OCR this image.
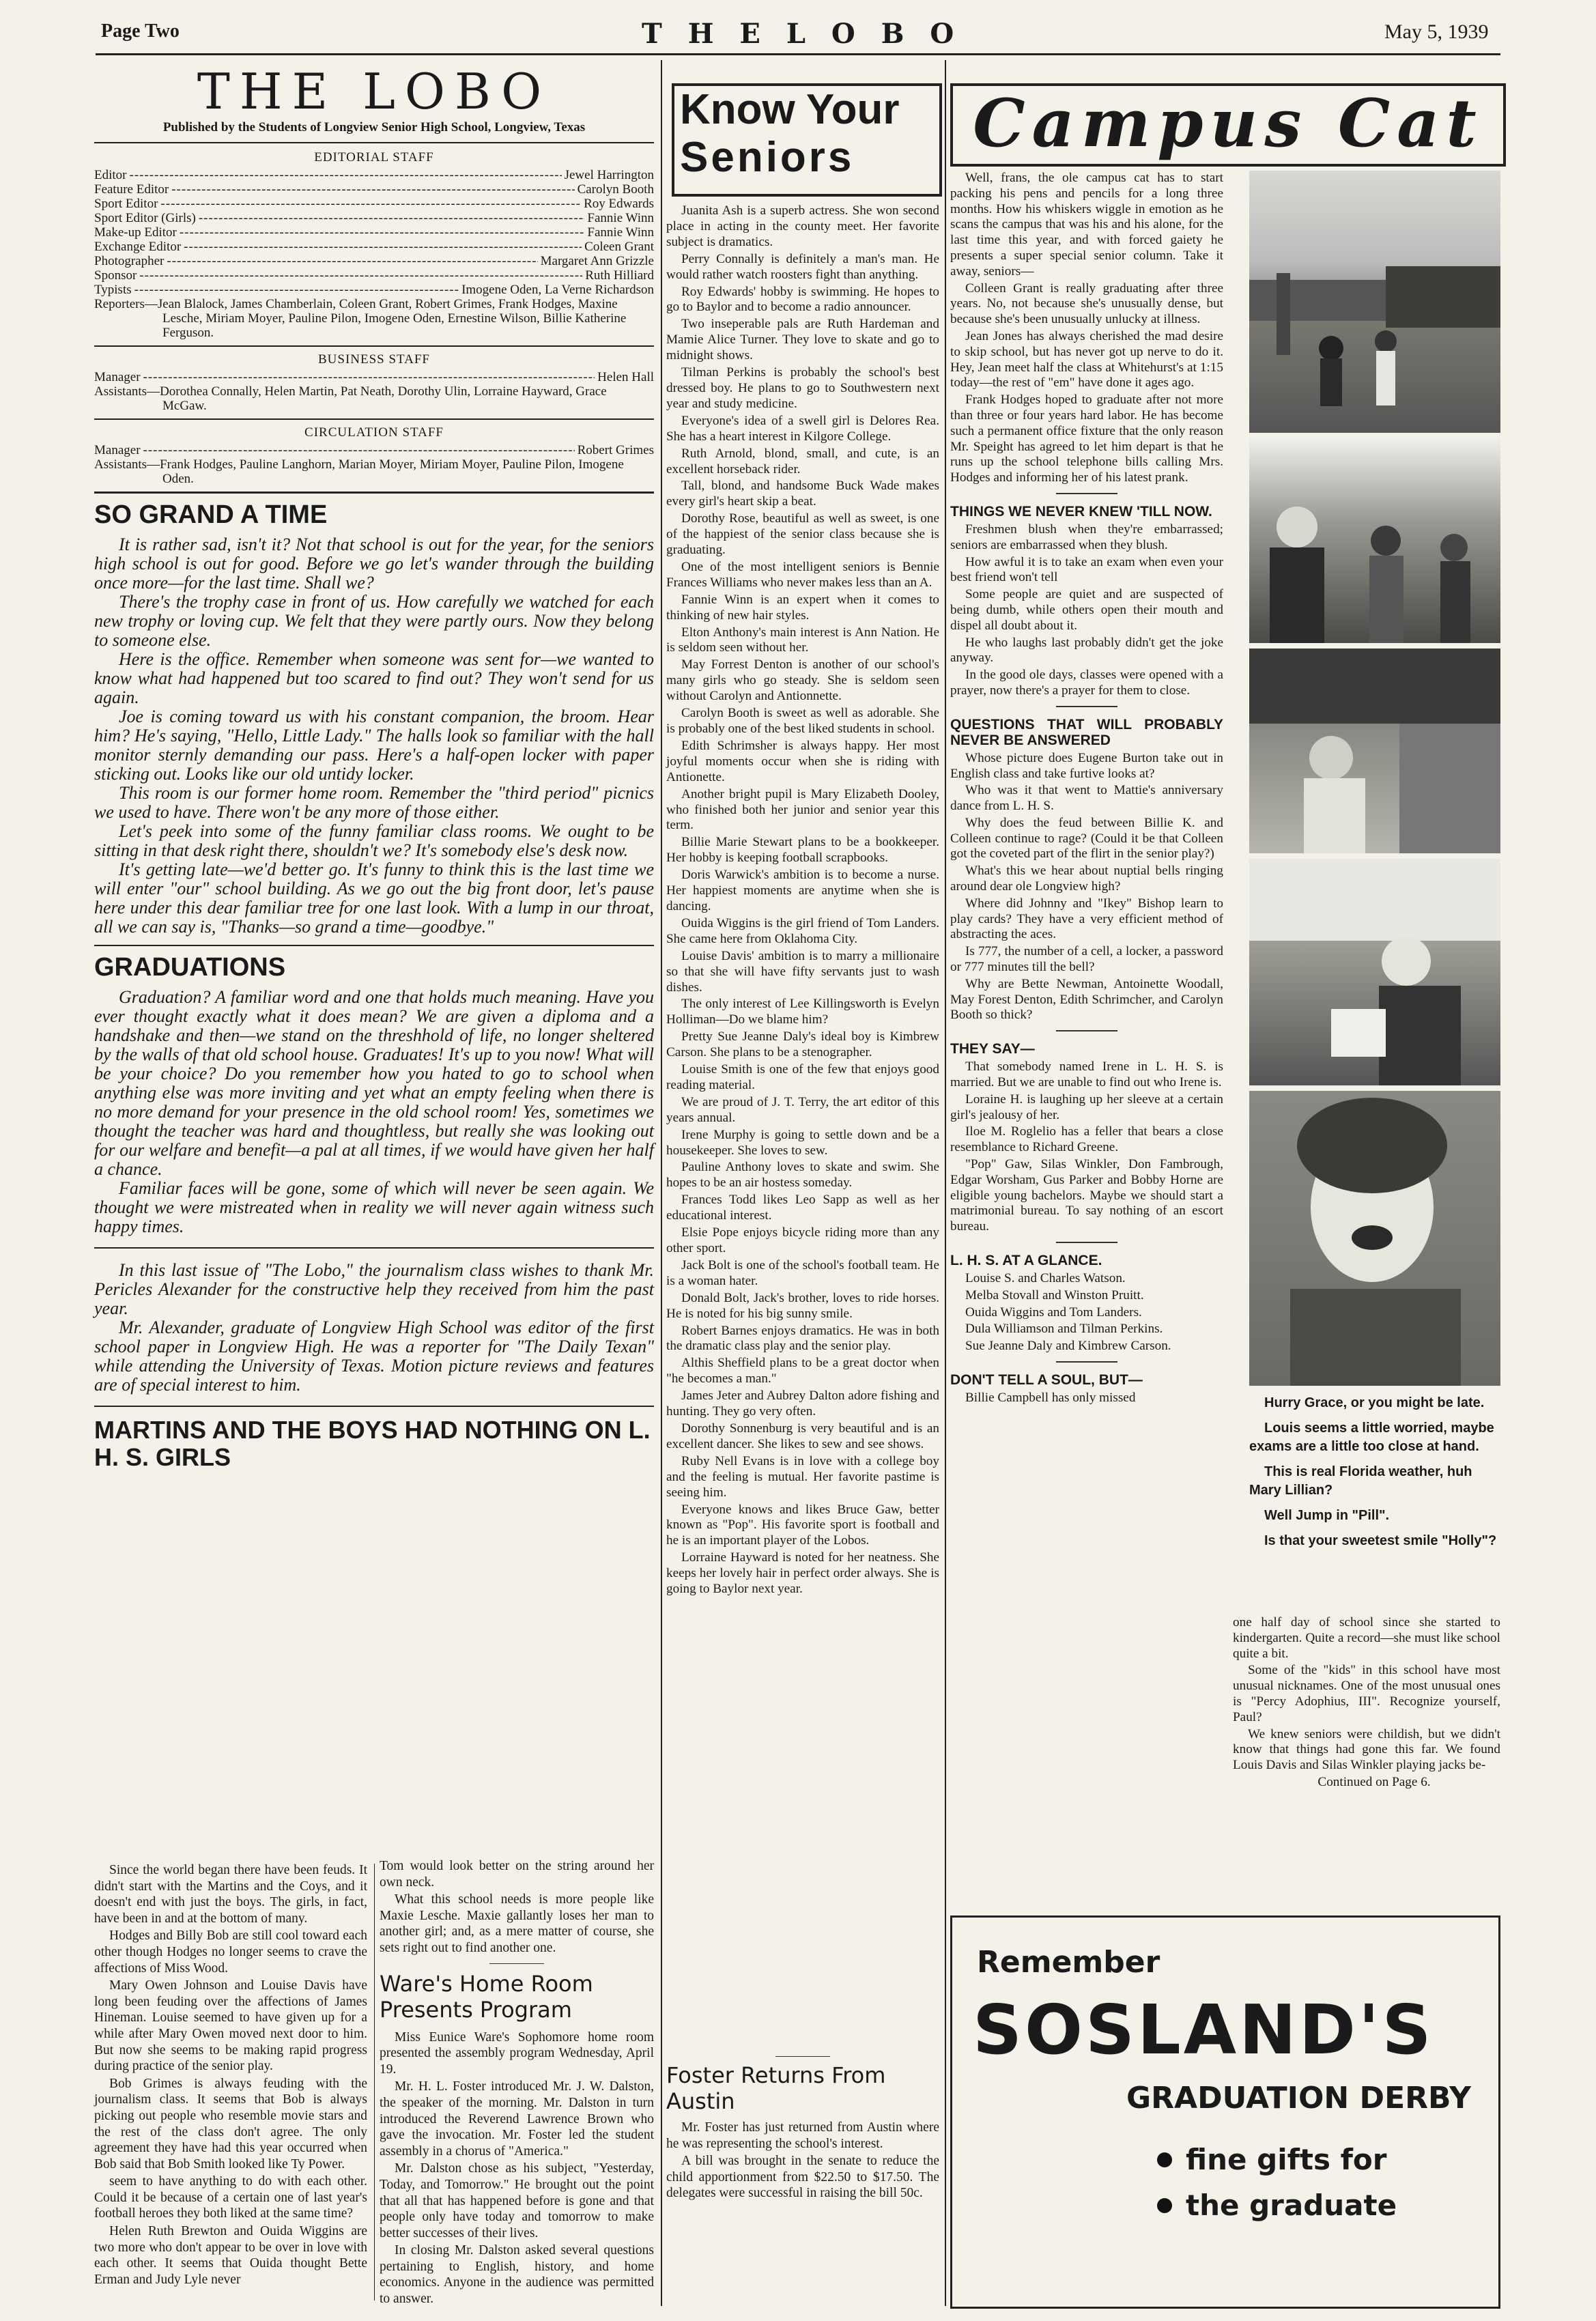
Page Two	T H E L O B O	May 5, 1939
THE LOBO
Published by the Students of Longview Senior High School, Longview, Texas
EDITORIAL STAFF
Editor -----	Jewel Harrington
Feature Editor -----	Carolyn Booth
Sport Editor -----	Roy Edwards
Sport Editor (Girls) -----	Fannie Winn
Make-up Editor -----	Fannie Winn
Exchange Editor -----	Coleen Grant
Photographer -----	Margaret Ann Grizzle
Sponsor -----	Ruth Hilliard
Typists -----	Imogene Oden, La Verne Richardson
Reporters—Jean Blalock, James Chamberlain, Coleen Grant, Robert Grimes, Frank Hodges, Maxine Lesche, Miriam Moyer, Pauline Pilon, Imogene Oden, Ernestine Wilson, Billie Katherine Ferguson.
BUSINESS STAFF
Manager -----	Helen Hall
Assistants—Dorothea Connally, Helen Martin, Pat Neath, Dorothy Ulin, Lorraine Hayward, Grace McGaw.
CIRCULATION STAFF
Manager -----	Robert Grimes
Assistants—Frank Hodges, Pauline Langhorn, Marian Moyer, Miriam Moyer, Pauline Pilon, Imogene Oden.
SO GRAND A TIME

It is rather sad, isn't it? Not that school is out for the year, for the seniors high school is out for good. Before we go let's wander through the building once more—for the last time. Shall we?

There's the trophy case in front of us. How carefully we watched for each new trophy or loving cup. We felt that they were partly ours. Now they belong to someone else.

Here is the office. Remember when someone was sent for—we wanted to know what had happened but too scared to find out? They won't send for us again.

Joe is coming toward us with his constant companion, the broom. Hear him? He's saying, "Hello, Little Lady." The halls look so familiar with the hall monitor sternly demanding our pass. Here's a half-open locker with paper sticking out. Looks like our old untidy locker.

This room is our former home room. Remember the "third period" picnics we used to have. There won't be any more of those either.

Let's peek into some of the funny familiar class rooms. We ought to be sitting in that desk right there, shouldn't we? It's somebody else's desk now.

It's getting late—we'd better go. It's funny to think this is the last time we will enter "our" school building. As we go out the big front door, let's pause here under this dear familiar tree for one last look. With a lump in our throat, all we can say is, "Thanks—so grand a time—goodbye."

GRADUATIONS

Graduation? A familiar word and one that holds much meaning. Have you ever thought exactly what it does mean? We are given a diploma and a handshake and then—we stand on the threshhold of life, no longer sheltered by the walls of that old school house. Graduates! It's up to you now! What will be your choice? Do you remember how you hated to go to school when anything else was more inviting and yet what an empty feeling when there is no more demand for your presence in the old school room! Yes, sometimes we thought the teacher was hard and thoughtless, but really she was looking out for our welfare and benefit—a pal at all times, if we would have given her half a chance.

Familiar faces will be gone, some of which will never be seen again. We thought we were mistreated when in reality we will never again witness such happy times.

In this last issue of "The Lobo," the journalism class wishes to thank Mr. Pericles Alexander for the constructive help they received from him the past year.

Mr. Alexander, graduate of Longview High School was editor of the first school paper in Longview High. He was a reporter for "The Daily Texan" while attending the University of Texas. Motion picture reviews and features are of special interest to him.

MARTINS AND THE BOYS HAD NOTHING ON L. H. S. GIRLS

Since the world began there have been feuds. It didn't start with the Martins and the Coys, and it doesn't end with just the boys. The girls, in fact, have been in and at the bottom of many.

Hodges and Billy Bob are still cool toward each other though Hodges no longer seems to crave the affections of Miss Wood.

Mary Owen Johnson and Louise Davis have long been feuding over the affections of James Hineman. Louise seemed to have given up for a while after Mary Owen moved next door to him. But now she seems to be making rapid progress during practice of the senior play.

Bob Grimes is always feuding with the journalism class. It seems that Bob is always picking out people who resemble movie stars and the rest of the class don't agree. The only agreement they have had this year occurred when Bob said that Bob Smith looked like Ty Power.

seem to have anything to do with each other. Could it be because of a certain one of last year's football heroes they both liked at the same time?

Helen Ruth Brewton and Ouida Wiggins are two more who don't appear to be over in love with each other. It seems that Ouida thought Bette Erman and Judy Lyle never

Tom would look better on the string around her own neck.

What this school needs is more people like Maxie Lesche. Maxie gallantly loses her man to another girl; and, as a mere matter of course, she sets right out to find another one.

Ware's Home Room Presents Program

Miss Eunice Ware's Sophomore home room presented the assembly program Wednesday, April 19.

Mr. H. L. Foster introduced Mr. J. W. Dalston, the speaker of the morning. Mr. Dalston in turn introduced the Reverend Lawrence Brown who gave the invocation. Mr. Foster led the student assembly in a chorus of "America."

Mr. Dalston chose as his subject, "Yesterday, Today, and Tomorrow." He brought out the point that all that has happened before is gone and that people only have today and tomorrow to make better successes of their lives.

In closing Mr. Dalston asked several questions pertaining to English, history, and home economics. Anyone in the audience was permitted to answer.

Know Your
Seniors

Juanita Ash is a superb actress. She won second place in acting in the county meet. Her favorite subject is dramatics.

Perry Connally is definitely a man's man. He would rather watch roosters fight than anything.

Roy Edwards' hobby is swimming. He hopes to go to Baylor and to become a radio announcer.

Two inseperable pals are Ruth Hardeman and Mamie Alice Turner. They love to skate and go to midnight shows.

Tilman Perkins is probably the school's best dressed boy. He plans to go to Southwestern next year and study medicine.

Everyone's idea of a swell girl is Delores Rea. She has a heart interest in Kilgore College.

Ruth Arnold, blond, small, and cute, is an excellent horseback rider.

Tall, blond, and handsome Buck Wade makes every girl's heart skip a beat.

Dorothy Rose, beautiful as well as sweet, is one of the happiest of the senior class because she is graduating.

One of the most intelligent seniors is Bennie Frances Williams who never makes less than an A.

Fannie Winn is an expert when it comes to thinking of new hair styles.

Elton Anthony's main interest is Ann Nation. He is seldom seen without her.

May Forrest Denton is another of our school's many girls who go steady. She is seldom seen without Carolyn and Antionnette.

Carolyn Booth is sweet as well as adorable. She is probably one of the best liked students in school.

Edith Schrimsher is always happy. Her most joyful moments occur when she is riding with Antionette.

Another bright pupil is Mary Elizabeth Dooley, who finished both her junior and senior year this term.

Billie Marie Stewart plans to be a bookkeeper. Her hobby is keeping football scrapbooks.

Doris Warwick's ambition is to become a nurse. Her happiest moments are anytime when she is dancing.

Ouida Wiggins is the girl friend of Tom Landers. She came here from Oklahoma City.

Louise Davis' ambition is to marry a millionaire so that she will have fifty servants just to wash dishes.

The only interest of Lee Killingsworth is Evelyn Holliman—Do we blame him?

Pretty Sue Jeanne Daly's ideal boy is Kimbrew Carson. She plans to be a stenographer.

Louise Smith is one of the few that enjoys good reading material.

We are proud of J. T. Terry, the art editor of this years annual.

Irene Murphy is going to settle down and be a housekeeper. She loves to sew.

Pauline Anthony loves to skate and swim. She hopes to be an air hostess someday.

Frances Todd likes Leo Sapp as well as her educational interest.

Elsie Pope enjoys bicycle riding more than any other sport.

Jack Bolt is one of the school's football team. He is a woman hater.

Donald Bolt, Jack's brother, loves to ride horses. He is noted for his big sunny smile.

Robert Barnes enjoys dramatics. He was in both the dramatic class play and the senior play.

Althis Sheffield plans to be a great doctor when "he becomes a man."

James Jeter and Aubrey Dalton adore fishing and hunting. They go very often.

Dorothy Sonnenburg is very beautiful and is an excellent dancer. She likes to sew and see shows.

Ruby Nell Evans is in love with a college boy and the feeling is mutual. Her favorite pastime is seeing him.

Everyone knows and likes Bruce Gaw, better known as "Pop". His favorite sport is football and he is an important player of the Lobos.

Lorraine Hayward is noted for her neatness. She keeps her lovely hair in perfect order always. She is going to Baylor next year.

Foster Returns From Austin

Mr. Foster has just returned from Austin where he was representing the school's interest.

A bill was brought in the senate to reduce the child apportionment from $22.50 to $17.50. The delegates were successful in raising the bill 50c.

Campus Cat

Well, frans, the ole campus cat has to start packing his pens and pencils for a long three months. How his whiskers wiggle in emotion as he scans the campus that was his and his alone, for the last time this year, and with forced gaiety he presents a super special senior column. Take it away, seniors—

Colleen Grant is really graduating after three years. No, not because she's unusually dense, but because she's been unusually unlucky at illness.

Jean Jones has always cherished the mad desire to skip school, but has never got up nerve to do it. Hey, Jean meet half the class at Whitehurst's at 1:15 today—the rest of "em" have done it ages ago.

Frank Hodges hoped to graduate after not more than three or four years hard labor. He has become such a permanent office fixture that the only reason Mr. Speight has agreed to let him depart is that he runs up the school telephone bills calling Mrs. Hodges and informing her of his latest prank.

THINGS WE NEVER KNEW 'TILL NOW.

Freshmen blush when they're embarrassed; seniors are embarrassed when they blush.

How awful it is to take an exam when even your best friend won't tell

Some people are quiet and are suspected of being dumb, while others open their mouth and dispel all doubt about it.

He who laughs last probably didn't get the joke anyway.

In the good ole days, classes were opened with a prayer, now there's a prayer for them to close.

QUESTIONS THAT WILL PROBABLY NEVER BE ANSWERED

Whose picture does Eugene Burton take out in English class and take furtive looks at?

Who was it that went to Mattie's anniversary dance from L. H. S.

Why does the feud between Billie K. and Colleen continue to rage? (Could it be that Colleen got the coveted part of the flirt in the senior play?)

What's this we hear about nuptial bells ringing around dear ole Longview high?

Where did Johnny and "Ikey" Bishop learn to play cards? They have a very efficient method of abstracting the aces.

Is 777, the number of a cell, a locker, a password or 777 minutes till the bell?

Why are Bette Newman, Antoinette Woodall, May Forest Denton, Edith Schrimcher, and Carolyn Booth so thick?

THEY SAY—

That somebody named Irene in L. H. S. is married. But we are unable to find out who Irene is.

Loraine H. is laughing up her sleeve at a certain girl's jealousy of her.

Iloe M. Roglelio has a feller that bears a close resemblance to Richard Greene.

"Pop" Gaw, Silas Winkler, Don Fambrough, Edgar Worsham, Gus Parker and Bobby Horne are eligible young bachelors. Maybe we should start a matrimonial bureau. To say nothing of an escort bureau.

L. H. S. AT A GLANCE.

Louise S. and Charles Watson.

Melba Stovall and Winston Pruitt.

Ouida Wiggins and Tom Landers.

Dula Williamson and Tilman Perkins.

Sue Jeanne Daly and Kimbrew Carson.

DON'T TELL A SOUL, BUT—

Billie Campbell has only missed	Hurry Grace, or you might be late.

Louis seems a little worried, maybe exams are a little too close at hand.

This is real Florida weather, huh Mary Lillian?

Well Jump in "Pill".

Is that your sweetest smile "Holly"?

one half day of school since she started to kindergarten. Quite a record—she must like school quite a bit.

Some of the "kids" in this school have most unusual nicknames. One of the most unusual ones is "Percy Adophius, III". Recognize yourself, Paul?

We knew seniors were childish, but we didn't know that things had gone this far. We found Louis Davis and Silas Winkler playing jacks be-

Continued on Page 6.

Remember
SOSLAND'S
GRADUATION DERBY
fine gifts for
the graduate
